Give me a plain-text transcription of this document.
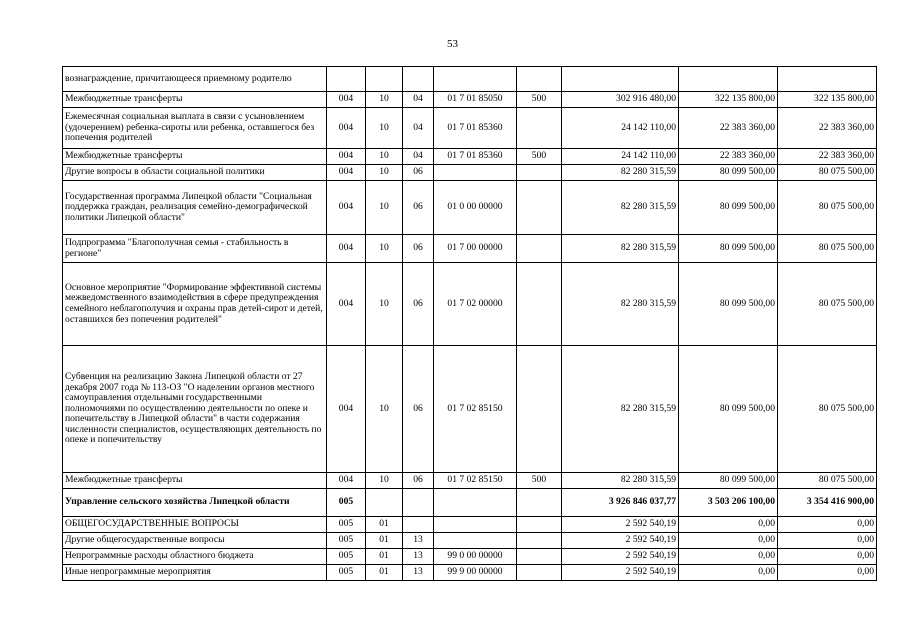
53
вознаграждение, причитающееся приемному родителю								
Межбюджетные трансферты	004	10	04	01 7 01 85050	500	302 916 480,00	322 135 800,00	322 135 800,00
Ежемесячная социальная выплата в связи с усыновлением (удочерением) ребенка-сироты или ребенка, оставшегося без попечения родителей	004	10	04	01 7 01 85360		24 142 110,00	22 383 360,00	22 383 360,00
Межбюджетные трансферты	004	10	04	01 7 01 85360	500	24 142 110,00	22 383 360,00	22 383 360,00
Другие вопросы в области социальной политики	004	10	06			82 280 315,59	80 099 500,00	80 075 500,00
Государственная программа Липецкой области "Социальная поддержка граждан, реализация семейно-демографической политики Липецкой области"	004	10	06	01 0 00 00000		82 280 315,59	80 099 500,00	80 075 500,00
Подпрограмма "Благополучная семья - стабильность в регионе"	004	10	06	01 7 00 00000		82 280 315,59	80 099 500,00	80 075 500,00
Основное мероприятие "Формирование эффективной системы межведомственного взаимодействия в сфере предупреждения семейного неблагополучия и охраны прав детей-сирот и детей, оставшихся без попечения родителей"	004	10	06	01 7 02 00000		82 280 315,59	80 099 500,00	80 075 500,00
Субвенция на реализацию Закона Липецкой области от 27 декабря 2007 года № 113-ОЗ "О наделении органов местного самоуправления отдельными государственными полномочиями по осуществлению деятельности по опеке и попечительству в Липецкой области" в части содержания численности специалистов, осуществляющих деятельность по опеке и попечительству	004	10	06	01 7 02 85150		82 280 315,59	80 099 500,00	80 075 500,00
Межбюджетные трансферты	004	10	06	01 7 02 85150	500	82 280 315,59	80 099 500,00	80 075 500,00
Управление сельского хозяйства Липецкой области	005					3 926 846 037,77	3 503 206 100,00	3 354 416 900,00
ОБЩЕГОСУДАРСТВЕННЫЕ ВОПРОСЫ	005	01				2 592 540,19	0,00	0,00
Другие общегосударственные вопросы	005	01	13			2 592 540,19	0,00	0,00
Непрограммные расходы областного бюджета	005	01	13	99 0 00 00000		2 592 540,19	0,00	0,00
Иные непрограммные мероприятия	005	01	13	99 9 00 00000		2 592 540,19	0,00	0,00
